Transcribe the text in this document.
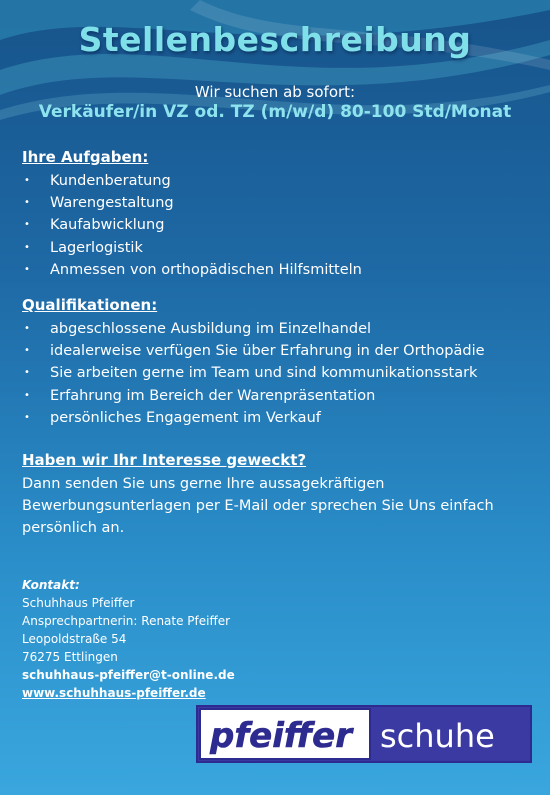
Stellenbeschreibung
Wir suchen ab sofort:
Verkäufer/in VZ od. TZ (m/w/d) 80-100 Std/Monat
Ihre Aufgaben:
• Kundenberatung
• Warengestaltung
• Kaufabwicklung
• Lagerlogistik
• Anmessen von orthopädischen Hilfsmitteln
Qualifikationen:
• abgeschlossene Ausbildung im Einzelhandel
• idealerweise verfügen Sie über Erfahrung in der Orthopädie
• Sie arbeiten gerne im Team und sind kommunikationsstark
• Erfahrung im Bereich der Warenpräsentation
• persönliches Engagement im Verkauf
Haben wir Ihr Interesse geweckt?
Dann senden Sie uns gerne Ihre aussagekräftigen
Bewerbungsunterlagen per E-Mail oder sprechen Sie Uns einfach
persönlich an.
Kontakt:
Schuhhaus Pfeiffer
Ansprechpartnerin: Renate Pfeiffer
Leopoldstraße 54
76275 Ettlingen
schuhhaus-pfeiffer@t-online.de
www.schuhhaus-pfeiffer.de
pfeiffer schuhe
